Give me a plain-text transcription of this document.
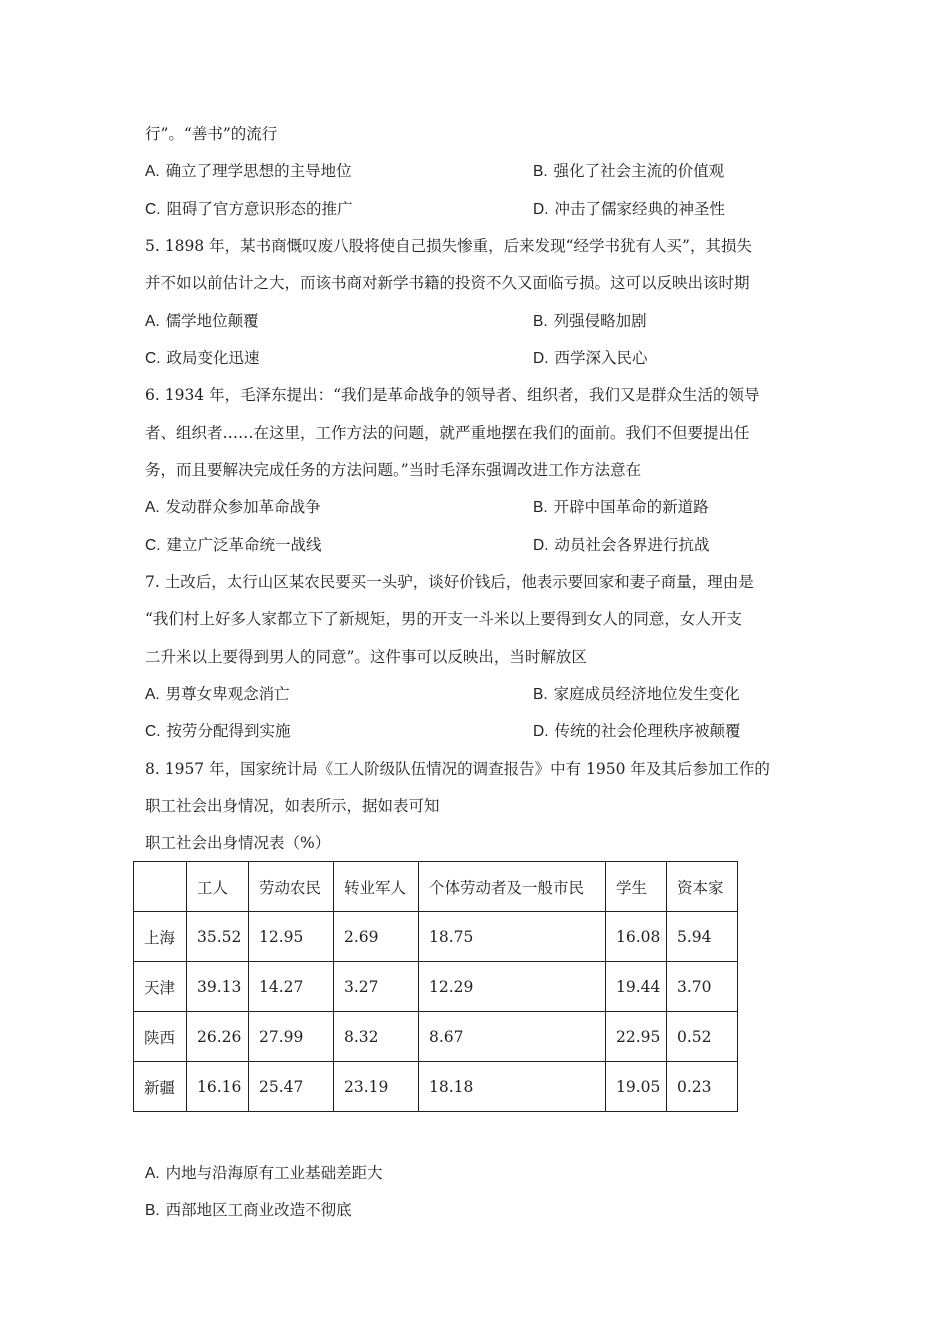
行”。“善书”的流行
A. 确立了理学思想的主导地位	B. 强化了社会主流的价值观
C. 阻碍了官方意识形态的推广	D. 冲击了儒家经典的神圣性
5. 1898 年，某书商慨叹废八股将使自己损失惨重，后来发现“经学书犹有人买”，其损失
并不如以前估计之大，而该书商对新学书籍的投资不久又面临亏损。这可以反映出该时期
A. 儒学地位颠覆	B. 列强侵略加剧
C. 政局变化迅速	D. 西学深入民心
6. 1934 年，毛泽东提出：“我们是革命战争的领导者、组织者，我们又是群众生活的领导
者、组织者……在这里，工作方法的问题，就严重地摆在我们的面前。我们不但要提出任
务，而且要解决完成任务的方法问题。”当时毛泽东强调改进工作方法意在
A. 发动群众参加革命战争	B. 开辟中国革命的新道路
C. 建立广泛革命统一战线	D. 动员社会各界进行抗战
7. 土改后，太行山区某农民要买一头驴，谈好价钱后，他表示要回家和妻子商量，理由是
“我们村上好多人家都立下了新规矩，男的开支一斗米以上要得到女人的同意，女人开支
二升米以上要得到男人的同意”。这件事可以反映出，当时解放区
A. 男尊女卑观念消亡	B. 家庭成员经济地位发生变化
C. 按劳分配得到实施	D. 传统的社会伦理秩序被颠覆
8. 1957 年，国家统计局《工人阶级队伍情况的调查报告》中有 1950 年及其后参加工作的
职工社会出身情况，如表所示，据如表可知
职工社会出身情况表（%）
	工人	劳动农民	转业军人	个体劳动者及一般市民	学生	资本家
上海	35.52	12.95	2.69	18.75	16.08	5.94
天津	39.13	14.27	3.27	12.29	19.44	3.70
陕西	26.26	27.99	8.32	8.67	22.95	0.52
新疆	16.16	25.47	23.19	18.18	19.05	0.23
A. 内地与沿海原有工业基础差距大
B. 西部地区工商业改造不彻底
